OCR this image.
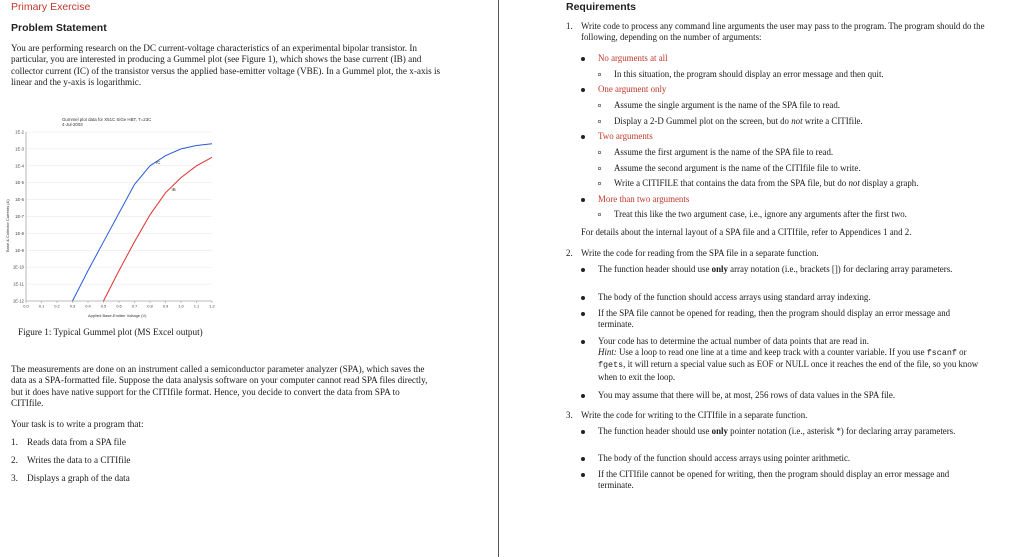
Primary Exercise
Problem Statement

You are performing research on the DC current-voltage characteristics of an experimental bipolar transistor. In particular, you are interested in producing a Gummel plot (see Figure 1), which shows the base current (IB) and collector current (IC) of the transistor versus the applied base-emitter voltage (VBE). In a Gummel plot, the x-axis is linear and the y-axis is logarithmic.

Gummel plot data for X51C SiGe HBT, T=23C
4-Jul-2003
Base & Collector Currents (A)
Applied Base-Emitter Voltage (V)
1E-2
1E-3
1E-4
1E-5
1E-6
1E-7
1E-8
1E-9
1E-10
1E-11
1E-12
0.0 0.1 0.2 0.3 0.4 0.5 0.6 0.7 0.8 0.9 1.0 1.1 1.2
IC
IB
Figure 1: Typical Gummel plot (MS Excel output)

The measurements are done on an instrument called a semiconductor parameter analyzer (SPA), which saves the data as a SPA-formatted file. Suppose the data analysis software on your computer cannot read SPA files directly, but it does have native support for the CITIfile format. Hence, you decide to convert the data from SPA to CITIfile.

Your task is to write a program that:
1. Reads data from a SPA file
2. Writes the data to a CITIfile
3. Displays a graph of the data
Requirements
1. Write code to process any command line arguments the user may pass to the program. The program should do the following, depending on the number of arguments:
No arguments at all
In this situation, the program should display an error message and then quit.
One argument only
Assume the single argument is the name of the SPA file to read.
Display a 2-D Gummel plot on the screen, but do not write a CITIfile.
Two arguments
Assume the first argument is the name of the SPA file to read.
Assume the second argument is the name of the CITIfile file to write.
Write a CITIFILE that contains the data from the SPA file, but do not display a graph.
More than two arguments
Treat this like the two argument case, i.e., ignore any arguments after the first two.
For details about the internal layout of a SPA file and a CITIfile, refer to Appendices 1 and 2.
2. Write the code for reading from the SPA file in a separate function.
The function header should use only array notation (i.e., brackets []) for declaring array parameters.
The body of the function should access arrays using standard array indexing.
If the SPA file cannot be opened for reading, then the program should display an error message and terminate.
Your code has to determine the actual number of data points that are read in.
Hint: Use a loop to read one line at a time and keep track with a counter variable. If you use fscanf or fgets, it will return a special value such as EOF or NULL once it reaches the end of the file, so you know when to exit the loop.
You may assume that there will be, at most, 256 rows of data values in the SPA file.
3. Write the code for writing to the CITIfile in a separate function.
The function header should use only pointer notation (i.e., asterisk *) for declaring array parameters.
The body of the function should access arrays using pointer arithmetic.
If the CITIfile cannot be opened for writing, then the program should display an error message and terminate.
